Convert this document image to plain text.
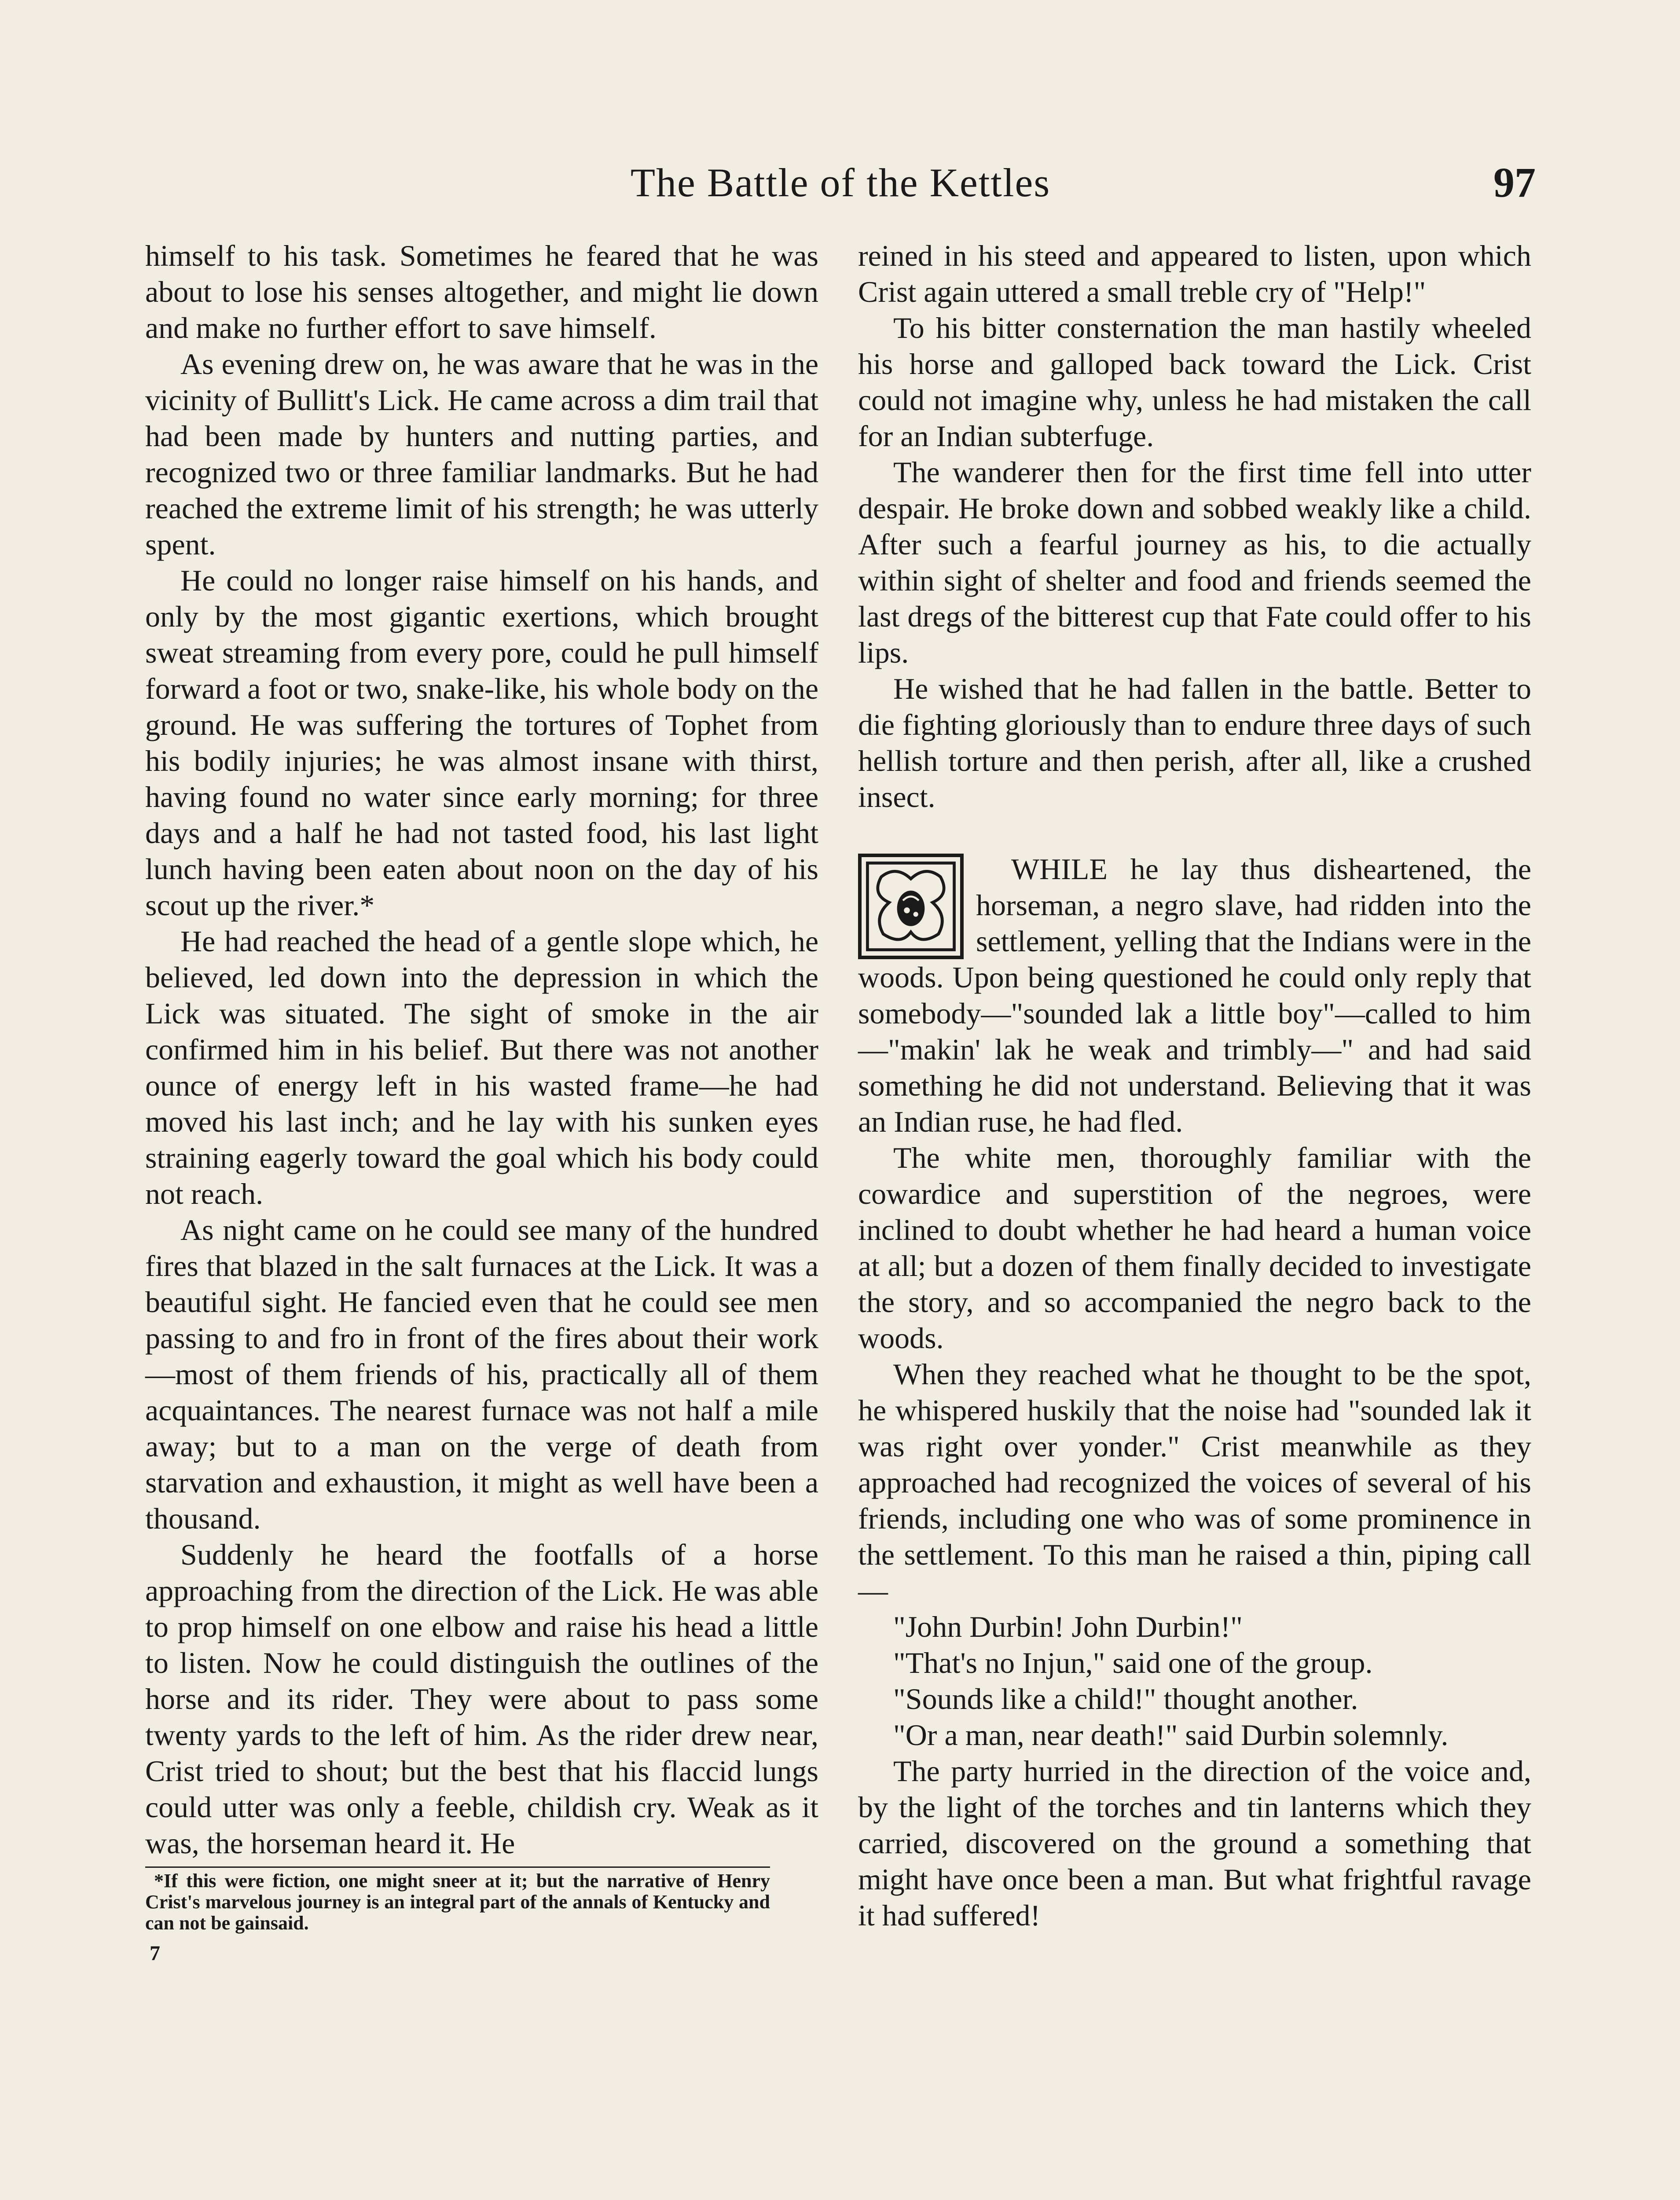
The Battle of the Kettles	97

himself to his task. Sometimes he feared that he was about to lose his senses altogether, and might lie down and make no further effort to save himself.

As evening drew on, he was aware that he was in the vicinity of Bullitt's Lick. He came across a dim trail that had been made by hunters and nutting parties, and recognized two or three familiar landmarks. But he had reached the extreme limit of his strength; he was utterly spent.

He could no longer raise himself on his hands, and only by the most gigantic exertions, which brought sweat streaming from every pore, could he pull himself forward a foot or two, snake-like, his whole body on the ground. He was suffering the tortures of Tophet from his bodily injuries; he was almost insane with thirst, having found no water since early morning; for three days and a half he had not tasted food, his last light lunch having been eaten about noon on the day of his scout up the river.*

He had reached the head of a gentle slope which, he believed, led down into the depression in which the Lick was situated. The sight of smoke in the air confirmed him in his belief. But there was not another ounce of energy left in his wasted frame—he had moved his last inch; and he lay with his sunken eyes straining eagerly toward the goal which his body could not reach.

As night came on he could see many of the hundred fires that blazed in the salt furnaces at the Lick. It was a beautiful sight. He fancied even that he could see men passing to and fro in front of the fires about their work—most of them friends of his, practically all of them acquaintances. The nearest furnace was not half a mile away; but to a man on the verge of death from starvation and exhaustion, it might as well have been a thousand.

Suddenly he heard the footfalls of a horse approaching from the direction of the Lick. He was able to prop himself on one elbow and raise his head a little to listen. Now he could distinguish the outlines of the horse and its rider. They were about to pass some twenty yards to the left of him. As the rider drew near, Crist tried to shout; but the best that his flaccid lungs could utter was only a feeble, childish cry. Weak as it was, the horseman heard it. He

*If this were fiction, one might sneer at it; but the narrative of Henry Crist's marvelous journey is an integral part of the annals of Kentucky and can not be gainsaid.
7

reined in his steed and appeared to listen, upon which Crist again uttered a small treble cry of "Help!"

To his bitter consternation the man hastily wheeled his horse and galloped back toward the Lick. Crist could not imagine why, unless he had mistaken the call for an Indian subterfuge.

The wanderer then for the first time fell into utter despair. He broke down and sobbed weakly like a child. After such a fearful journey as his, to die actually within sight of shelter and food and friends seemed the last dregs of the bitterest cup that Fate could offer to his lips.

He wished that he had fallen in the battle. Better to die fighting gloriously than to endure three days of such hellish torture and then perish, after all, like a crushed insect.

WHILE he lay thus disheartened, the horseman, a negro slave, had ridden into the settlement, yelling that the Indians were in the woods. Upon being questioned he could only reply that somebody—"sounded lak a little boy"—called to him—"makin' lak he weak and trimbly—" and had said something he did not understand. Believing that it was an Indian ruse, he had fled.

The white men, thoroughly familiar with the cowardice and superstition of the negroes, were inclined to doubt whether he had heard a human voice at all; but a dozen of them finally decided to investigate the story, and so accompanied the negro back to the woods.

When they reached what he thought to be the spot, he whispered huskily that the noise had "sounded lak it was right over yonder." Crist meanwhile as they approached had recognized the voices of several of his friends, including one who was of some prominence in the settlement. To this man he raised a thin, piping call—

"John Durbin! John Durbin!"

"That's no Injun," said one of the group.

"Sounds like a child!" thought another.

"Or a man, near death!" said Durbin solemnly.

The party hurried in the direction of the voice and, by the light of the torches and tin lanterns which they carried, discovered on the ground a something that might have once been a man. But what frightful ravage it had suffered!
